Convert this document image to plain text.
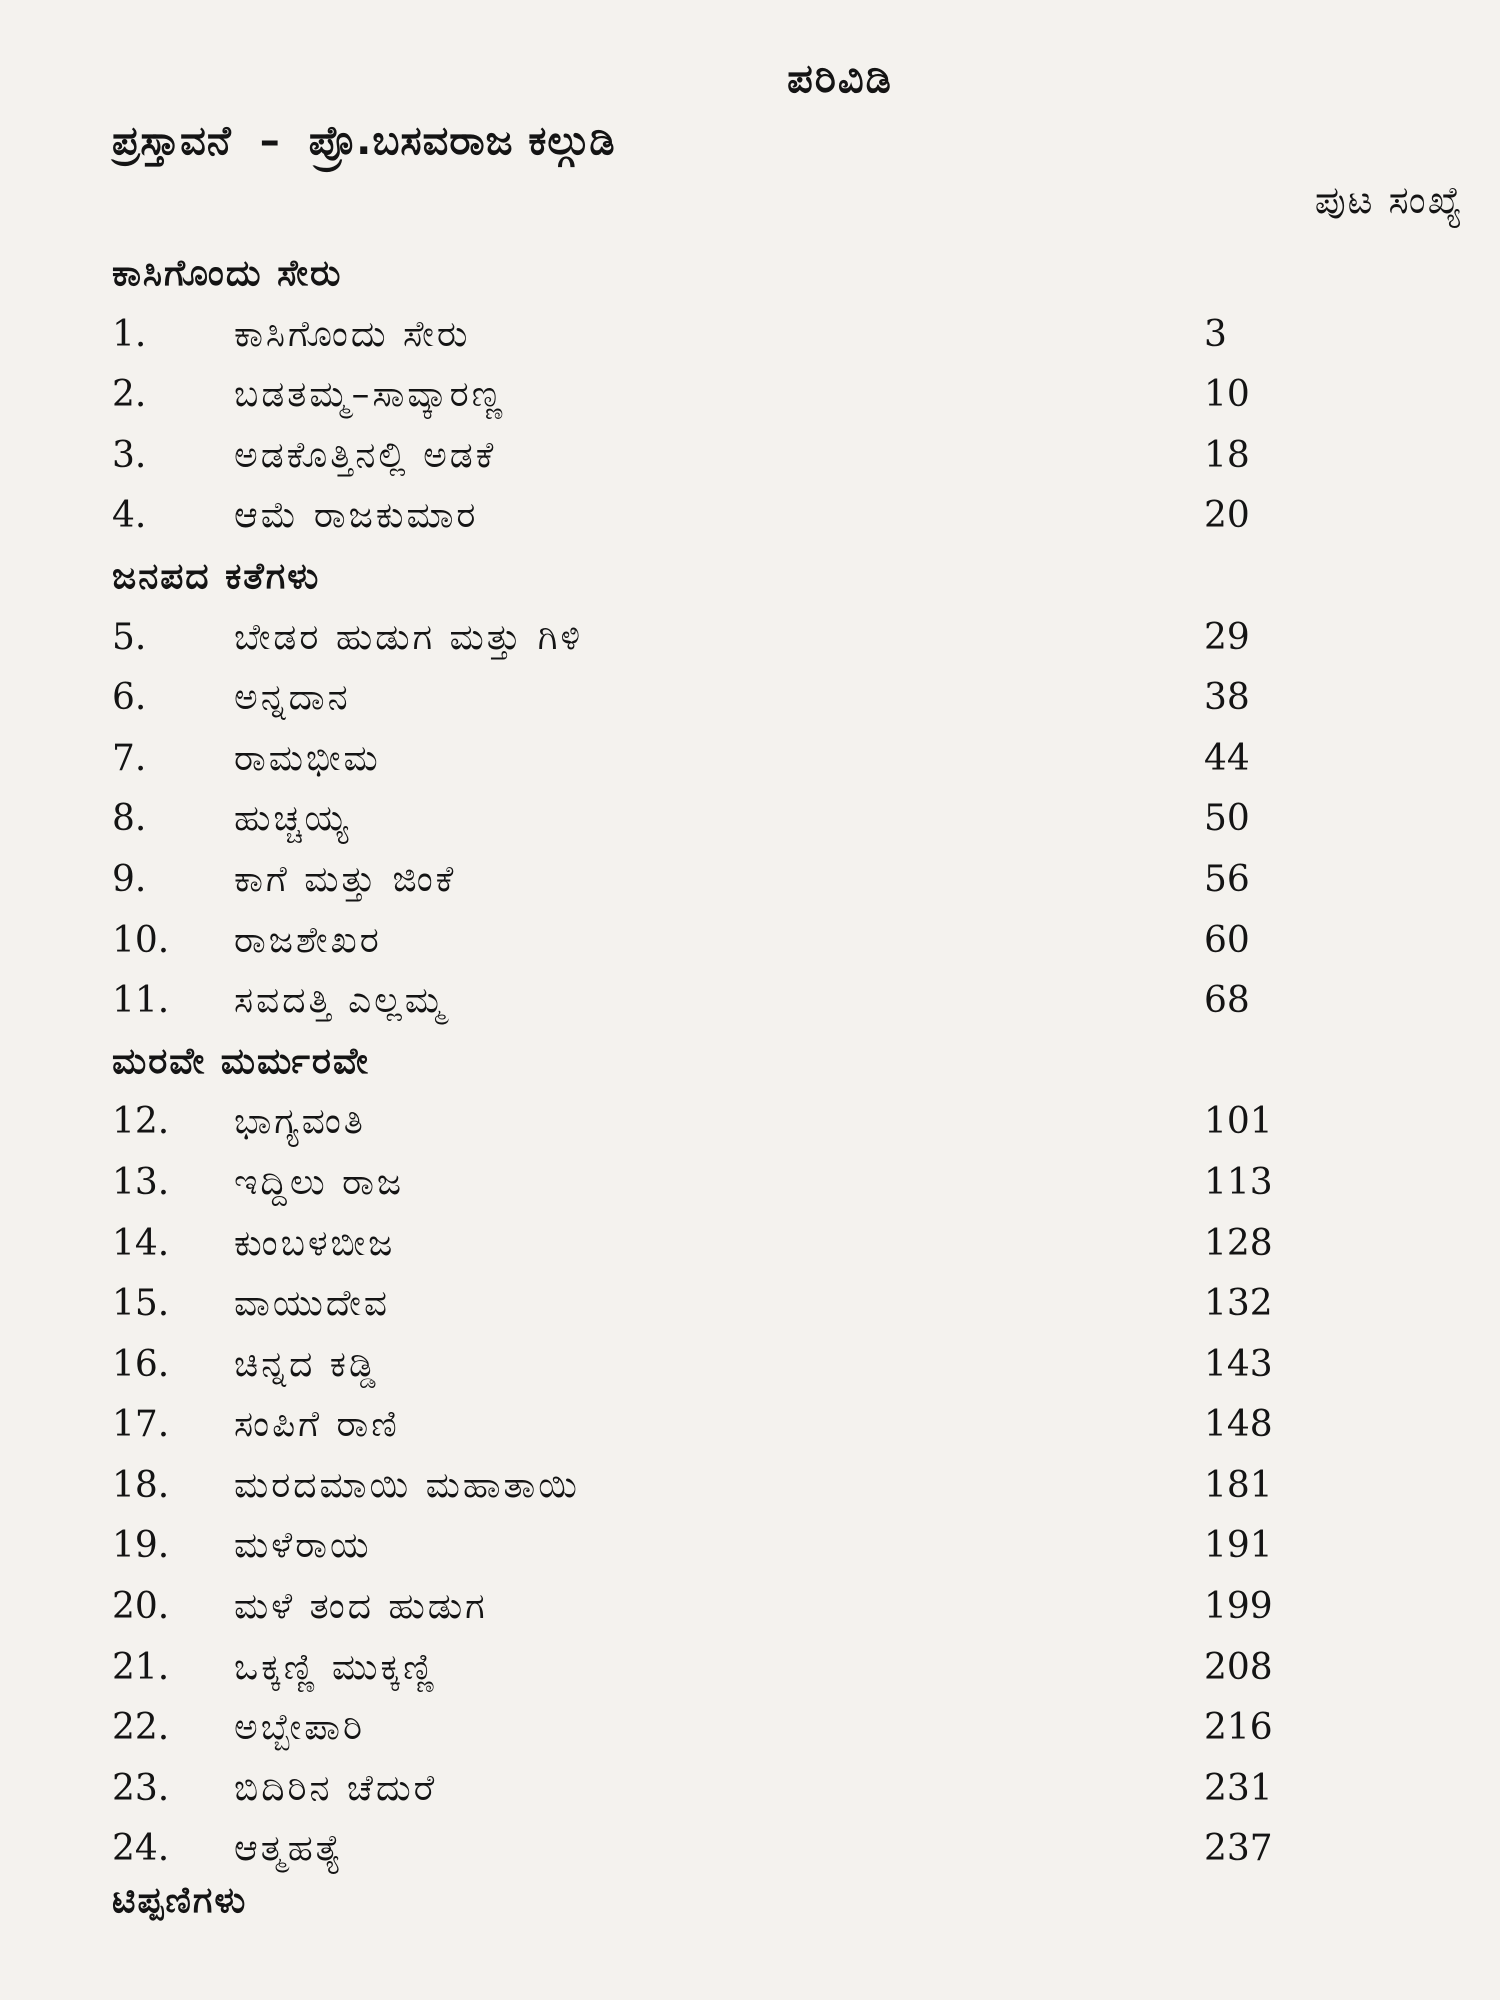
ಪರಿವಿಡಿ
ಪ್ರಸ್ತಾವನೆ – ಪ್ರೊ.ಬಸವರಾಜ ಕಲ್ಗುಡಿ
ಪುಟ ಸಂಖ್ಯೆ
ಕಾಸಿಗೊಂದು ಸೇರು
1. ಕಾಸಿಗೊಂದು ಸೇರು	3
2. ಬಡತಮ್ಮ–ಸಾವ್ಕಾರಣ್ಣ	10
3. ಅಡಕೊತ್ತಿನಲ್ಲಿ ಅಡಕೆ	18
4. ಆಮೆ ರಾಜಕುಮಾರ	20
ಜನಪದ ಕತೆಗಳು
5. ಬೇಡರ ಹುಡುಗ ಮತ್ತು ಗಿಳಿ	29
6. ಅನ್ನದಾನ	38
7. ರಾಮಭೀಮ	44
8. ಹುಚ್ಚಯ್ಯ	50
9. ಕಾಗೆ ಮತ್ತು ಜಿಂಕೆ	56
10. ರಾಜಶೇಖರ	60
11. ಸವದತ್ತಿ ಎಲ್ಲಮ್ಮ	68
ಮರವೇ ಮರ್ಮರವೇ
12. ಭಾಗ್ಯವಂತಿ	101
13. ಇದ್ದಿಲು ರಾಜ	113
14. ಕುಂಬಳಬೀಜ	128
15. ವಾಯುದೇವ	132
16. ಚಿನ್ನದ ಕಡ್ಡಿ	143
17. ಸಂಪಿಗೆ ರಾಣಿ	148
18. ಮರದಮಾಯಿ ಮಹಾತಾಯಿ	181
19. ಮಳೆರಾಯ	191
20. ಮಳೆ ತಂದ ಹುಡುಗ	199
21. ಒಕ್ಕಣ್ಣಿ ಮುಕ್ಕಣ್ಣಿ	208
22. ಅಬ್ಬೇಪಾರಿ	216
23. ಬಿದಿರಿನ ಚೆದುರೆ	231
24. ಆತ್ಮಹತ್ಯೆ	237
ಟಿಪ್ಪಣಿಗಳು
